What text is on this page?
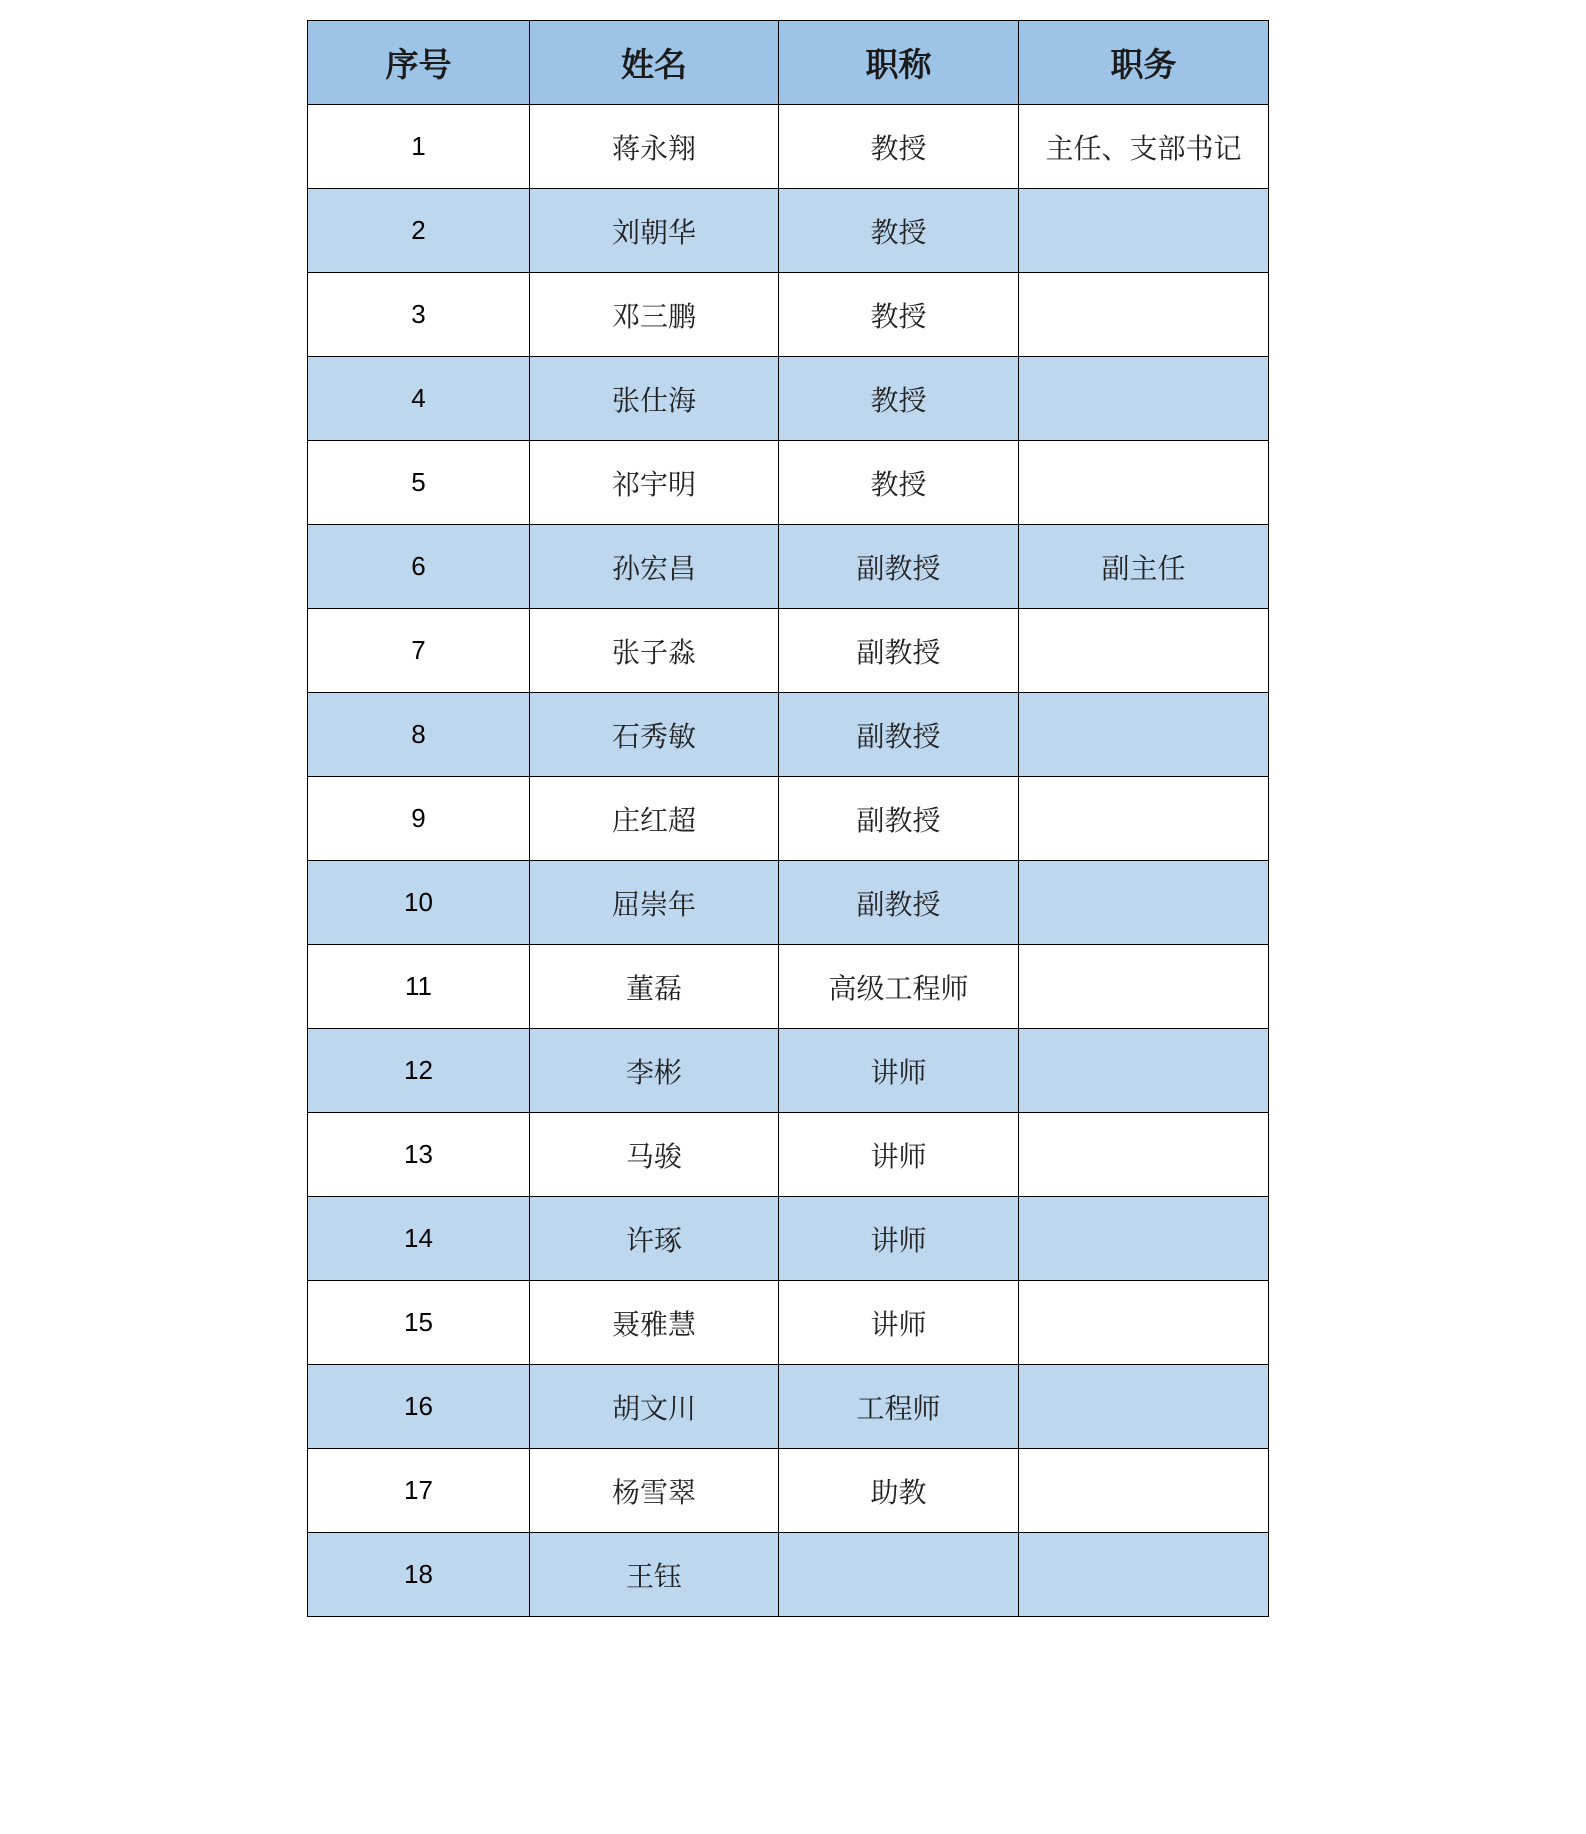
序号	姓名	职称	职务
1	蒋永翔	教授	主任、支部书记
2	刘朝华	教授	
3	邓三鹏	教授	
4	张仕海	教授	
5	祁宇明	教授	
6	孙宏昌	副教授	副主任
7	张子淼	副教授	
8	石秀敏	副教授	
9	庄红超	副教授	
10	屈崇年	副教授	
11	董磊	高级工程师	
12	李彬	讲师	
13	马骏	讲师	
14	许琢	讲师	
15	聂雅慧	讲师	
16	胡文川	工程师	
17	杨雪翠	助教	
18	王钰		
